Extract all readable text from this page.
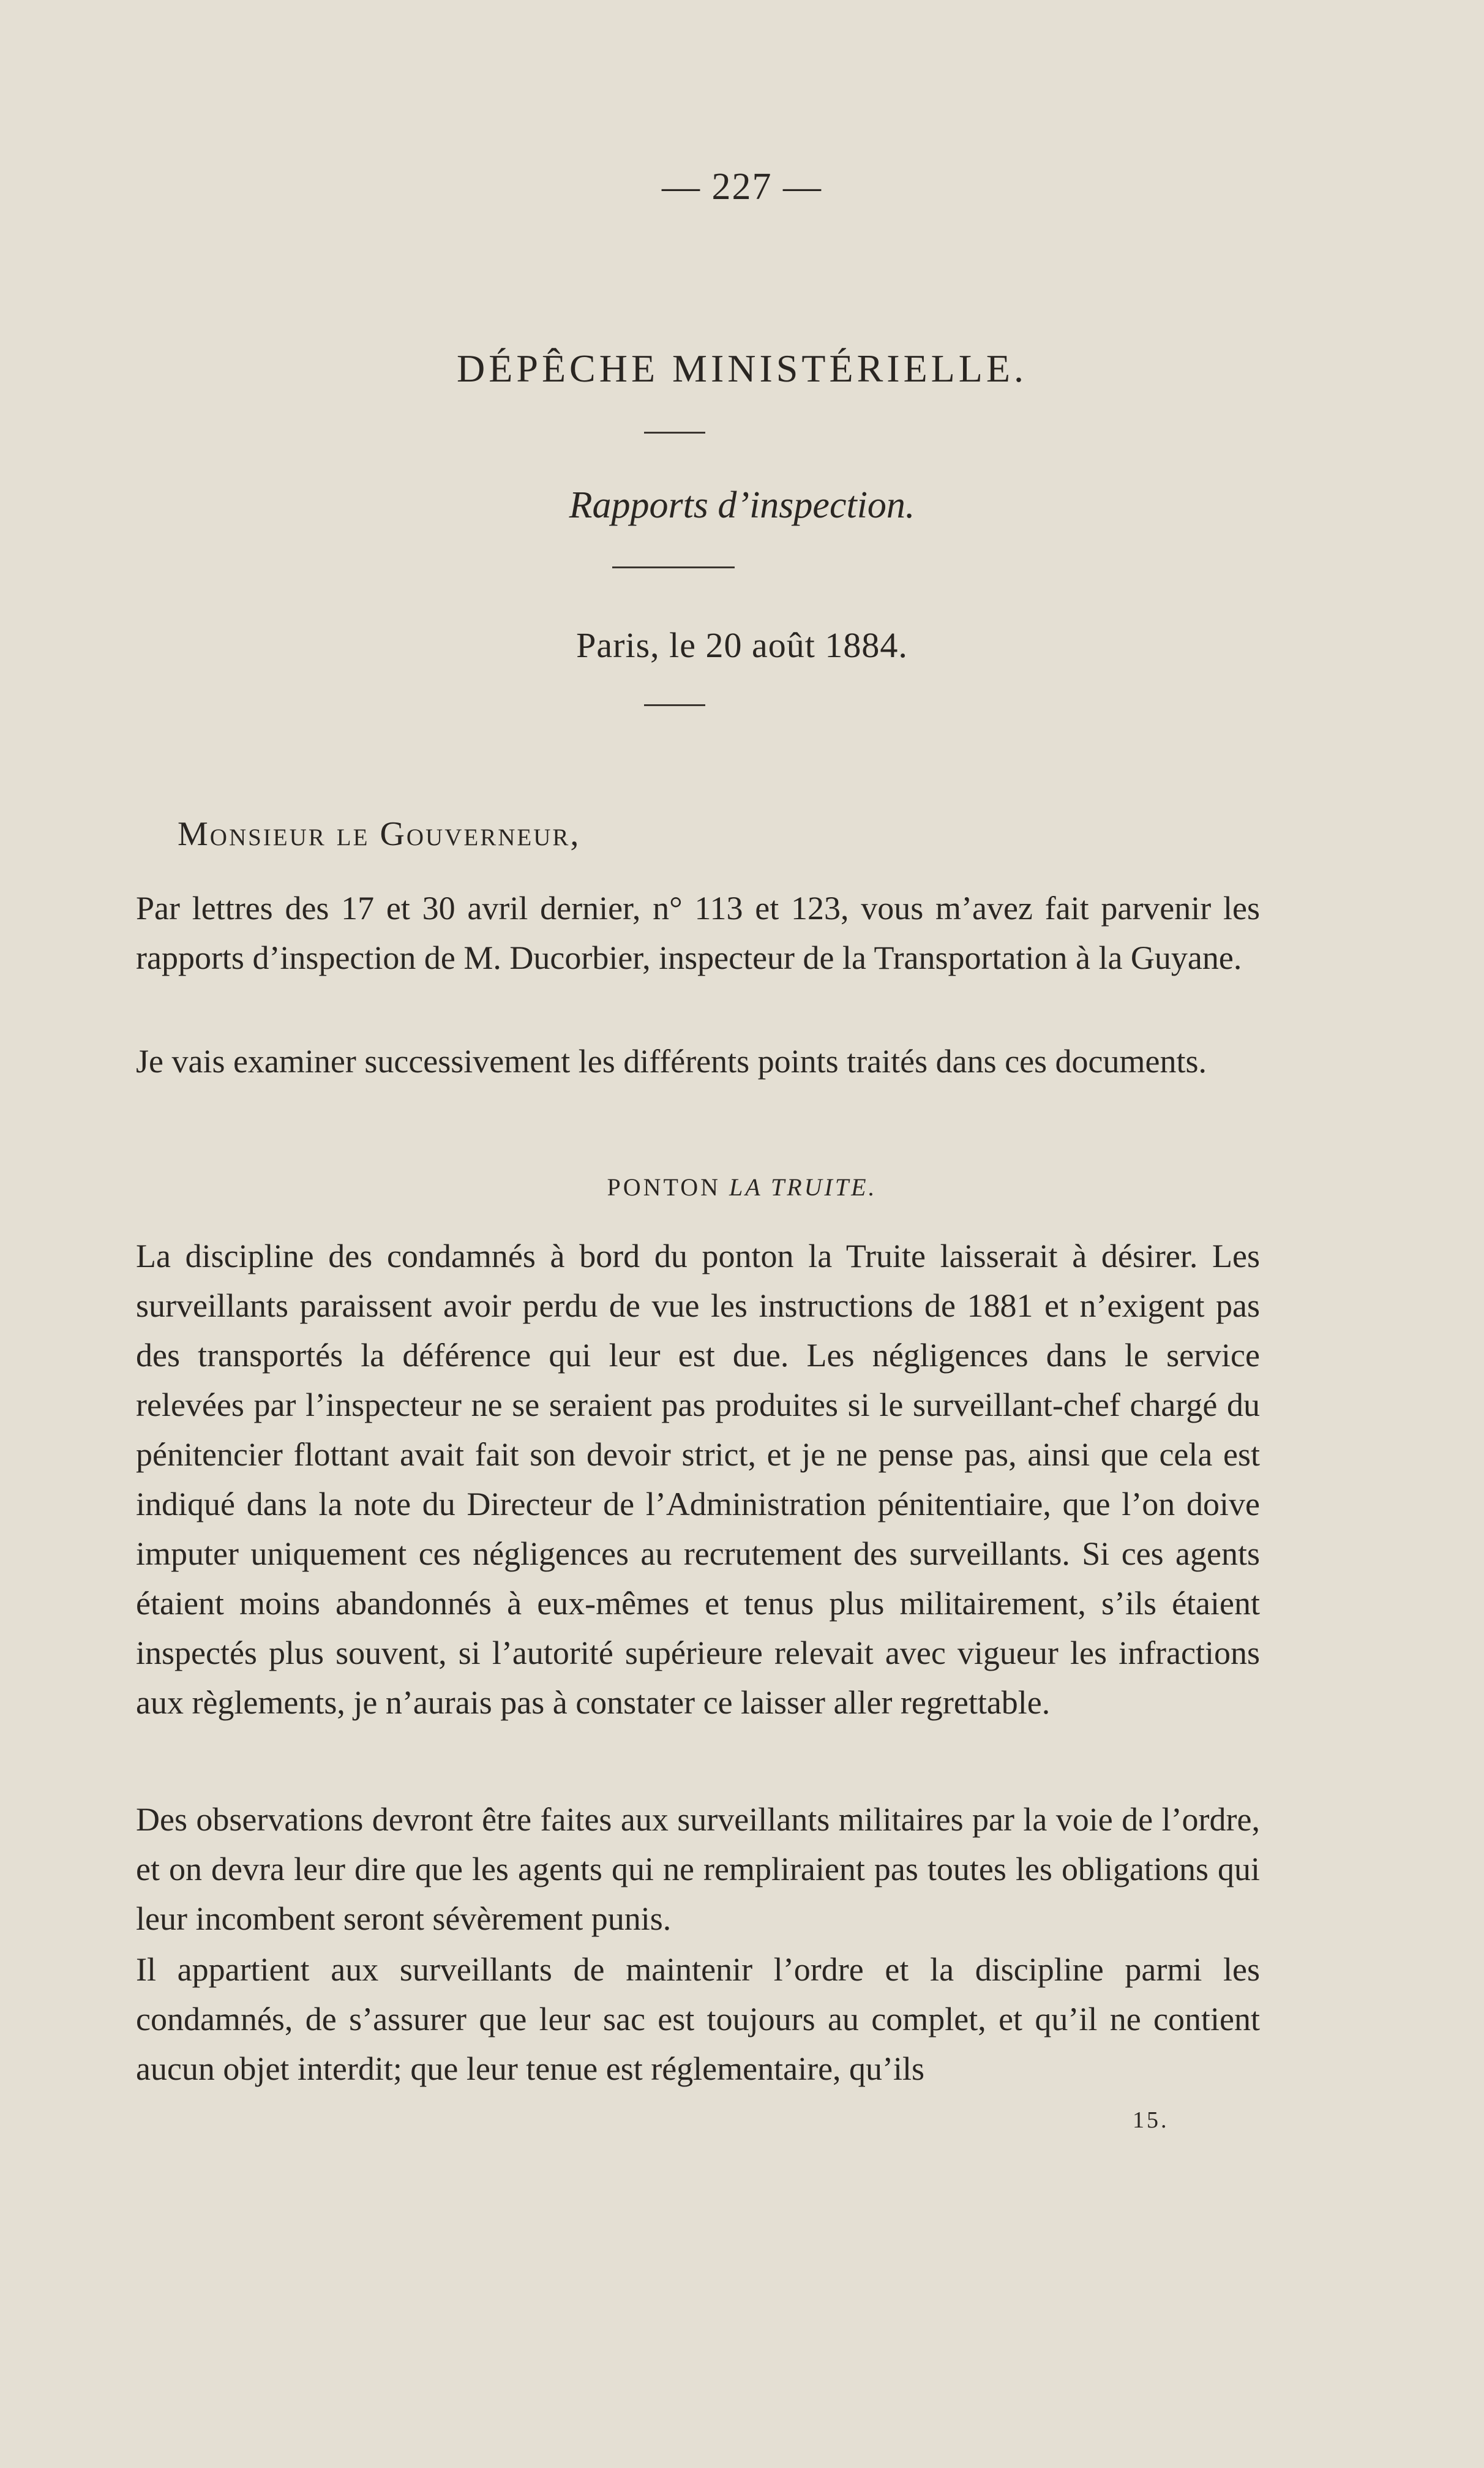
— 227 —
DÉPÊCHE MINISTÉRIELLE.
Rapports d’inspection.
Paris, le 20 août 1884.
Monsieur le Gouverneur,

Par lettres des 17 et 30 avril dernier, n° 113 et 123, vous m’avez fait parvenir les rapports d’inspection de M. Ducorbier, inspecteur de la Transportation à la Guyane.

Je vais examiner successivement les différents points traités dans ces documents.

PONTON LA TRUITE.

La discipline des condamnés à bord du ponton la Truite laisserait à désirer. Les surveillants paraissent avoir perdu de vue les instructions de 1881 et n’exigent pas des transportés la déférence qui leur est due. Les négligences dans le service relevées par l’inspecteur ne se seraient pas produites si le surveillant-chef chargé du pénitencier flottant avait fait son devoir strict, et je ne pense pas, ainsi que cela est indiqué dans la note du Directeur de l’Administration pénitentiaire, que l’on doive imputer uniquement ces négligences au recrutement des surveillants. Si ces agents étaient moins abandonnés à eux-mêmes et tenus plus militairement, s’ils étaient inspectés plus souvent, si l’autorité supérieure relevait avec vigueur les infractions aux règlements, je n’aurais pas à constater ce laisser aller regrettable.

Des observations devront être faites aux surveillants militaires par la voie de l’ordre, et on devra leur dire que les agents qui ne rempliraient pas toutes les obligations qui leur incombent seront sévèrement punis.

Il appartient aux surveillants de maintenir l’ordre et la discipline parmi les condamnés, de s’assurer que leur sac est toujours au complet, et qu’il ne contient aucun objet interdit; que leur tenue est réglementaire, qu’ils

15.
